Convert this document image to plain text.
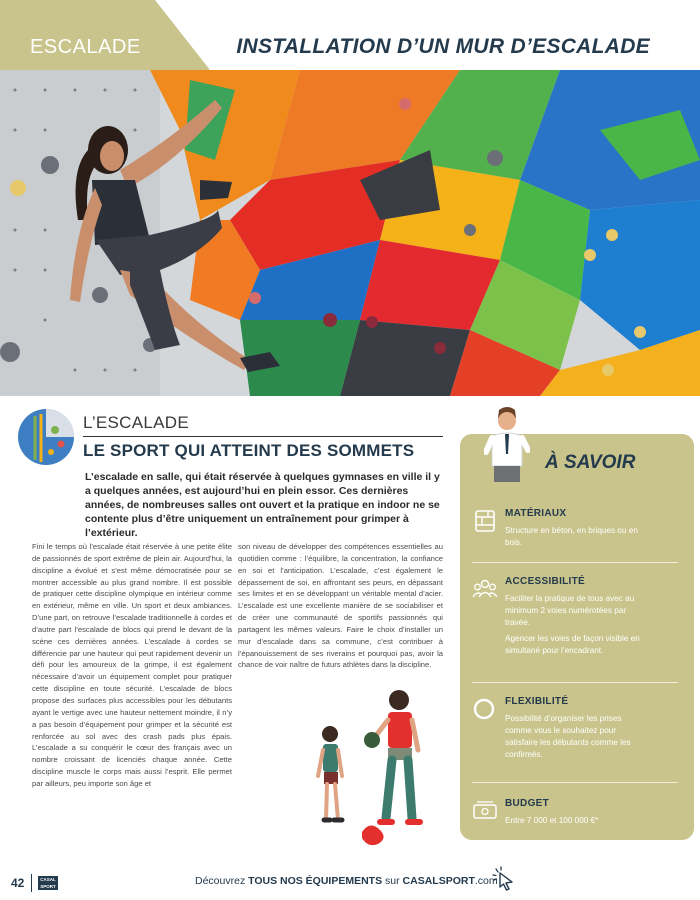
ESCALADE	INSTALLATION D’UN MUR D’ESCALADE
L’ESCALADE
LE SPORT QUI ATTEINT DES SOMMETS

L’escalade en salle, qui était réservée à quelques gymnases en ville il y a quelques années, est aujourd’hui en plein essor. Ces dernières années, de nombreuses salles ont ouvert et la pratique en indoor ne se contente plus d’être uniquement un entraînement pour grimper à l’extérieur.

Fini le temps où l’escalade était réservée à une petite élite de passionnés de sport extrême de plein air. Aujourd’hui, la discipline a évolué et s’est même démocratisée pour se montrer accessible au plus grand nombre. Il est possible de pratiquer cette discipline olympique en intérieur comme en extérieur, même en ville. Un sport et deux ambiances. D’une part, on retrouve l’escalade traditionnelle à cordes et d’autre part l’escalade de blocs qui prend le devant de la scène ces dernières années. L’escalade à cordes se différencie par une hauteur qui peut rapidement devenir un défi pour les amoureux de la grimpe, il est également nécessaire d’avoir un équipement complet pour pratiquer cette discipline en toute sécurité. L’escalade de blocs propose des surfaces plus accessibles pour les débutants ayant le vertige avec une hauteur nettement moindre, il n’y a pas besoin d’équipement pour grimper et la sécurité est renforcée au sol avec des crash pads plus épais. L’escalade a su conquérir le cœur des français avec un nombre croissant de licenciés chaque année. Cette discipline muscle le corps mais aussi l’esprit. Elle permet par ailleurs, peu importe son âge et

son niveau de développer des compétences essentielles au quotidien comme : l’équilibre, la concentration, la confiance en soi et l’anticipation. L’escalade, c’est également le dépassement de soi, en affrontant ses peurs, en dépassant ses limites et en se développant un véritable mental d’acier. L’escalade est une excellente manière de se sociabiliser et de créer une communauté de sportifs passionnés qui partagent les mêmes valeurs. Faire le choix d’installer un mur d’escalade dans sa commune, c’est contribuer à l’épanouissement de ses riverains et pourquoi pas, avoir la chance de voir naître de futurs athlètes dans la discipline.

À SAVOIR
MATÉRIAUX

Structure en béton, en briques ou en bois.

ACCESSIBILITÉ

Faciliter la pratique de tous avec au minimum 2 voies numérotées par travée.

Agencer les voies de façon visible en simultané pour l’encadrant.

FLEXIBILITÉ

Possibilité d’organiser les prises comme vous le souhaitez pour satisfaire les débutants comme les confirmés.

BUDGET

Entre 7 000 et 100 000 €*

42	CASAL
SPORT	Découvrez TOUS NOS ÉQUIPEMENTS sur CASALSPORT.com
